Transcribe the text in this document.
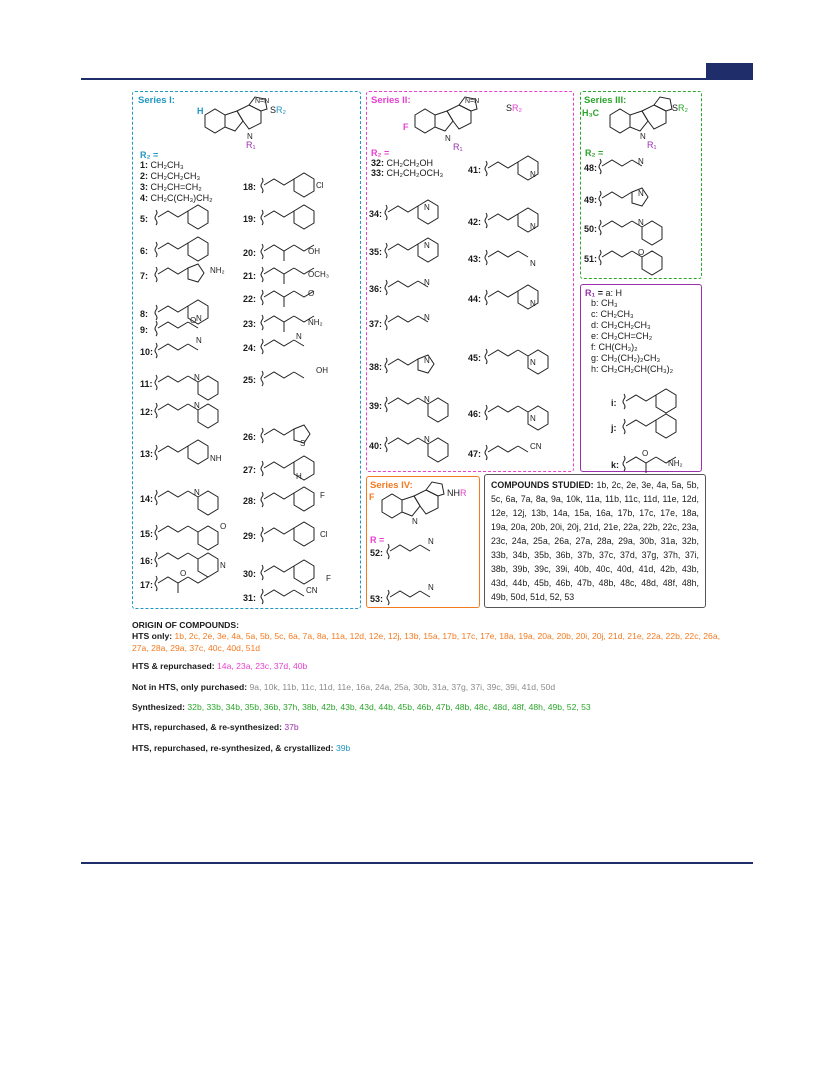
Series I:
N
N=N
H	SR₂
R₁
R₂ =
1: CH₂CH₃
2: CH₂CH₂CH₃
3: CH₂CH=CH₂
4: CH₂C(CH₃)CH₂
5:
6:
7:
NH₂
8:
O
9:
N
10:
N
11:
N
12:
N
13:	NH
14:
N
15:
O
16:	N
17:
O
18:	Cl
19:
20:	OH
21:	OCH₃
22:
O
23:	NH₂
24:
N
25:
OH
26:
S
27:
H
28:
F
29:	Cl
30:	F
31:
CN
Series II:
N
N=N
F
SR₂
R₁
R₂ =
32: CH₂CH₂OH
33: CH₂CH₂OCH₃
34:
N
35:
N
36:
N
37:
N
38:
N
39:
N
40:
N
41:	N
42:	N
43:	N
44:	N
45:	N
46:	N
47:
CN
Series III:
N
H₃C	SR₂
R₁
R₂ =
48:
N
49:
N
50:
N
51:
O
R₁ = a: H
b: CH₃
c: CH₂CH₃
d: CH₂CH₂CH₃
e: CH₂CH=CH₂
f: CH(CH₃)₂
g: CH₂(CH₂)₂CH₃
h: CH₂CH₂CH(CH₃)₂
i:
j:
k:
O
NH₂
Series IV:
N
F	NHR
R =
52:
N
53:
N
COMPOUNDS STUDIED: 1b, 2c, 2e, 3e, 4a, 5a, 5b, 5c, 6a, 7a, 8a, 9a, 10k, 11a, 11b, 11c, 11d, 11e, 12d, 12e, 12j, 13b, 14a, 15a, 16a, 17b, 17c, 17e, 18a, 19a, 20a, 20b, 20i, 20j, 21d, 21e, 22a, 22b, 22c, 23a, 23c, 24a, 25a, 26a, 27a, 28a, 29a, 30b, 31a, 32b, 33b, 34b, 35b, 36b, 37b, 37c, 37d, 37g, 37h, 37i, 38b, 39b, 39c, 39i, 40b, 40c, 40d, 41d, 42b, 43b, 43d, 44b, 45b, 46b, 47b, 48b, 48c, 48d, 48f, 48h, 49b, 50d, 51d, 52, 53
ORIGIN OF COMPOUNDS:
HTS only: 1b, 2c, 2e, 3e, 4a, 5a, 5b, 5c, 6a, 7a, 8a, 11a, 12d, 12e, 12j, 13b, 15a, 17b, 17c, 17e, 18a, 19a, 20a, 20b, 20i, 20j, 21d, 21e, 22a, 22b, 22c, 26a, 27a, 28a, 29a, 37c, 40c, 40d, 51d
HTS & repurchased: 14a, 23a, 23c, 37d, 40b
Not in HTS, only purchased: 9a, 10k, 11b, 11c, 11d, 11e, 16a, 24a, 25a, 30b, 31a, 37g, 37i, 39c, 39i, 41d, 50d
Synthesized: 32b, 33b, 34b, 35b, 36b, 37h, 38b, 42b, 43b, 43d, 44b, 45b, 46b, 47b, 48b, 48c, 48d, 48f, 48h, 49b, 52, 53
HTS, repurchased, & re-synthesized: 37b
HTS, repurchased, re-synthesized, & crystallized: 39b
